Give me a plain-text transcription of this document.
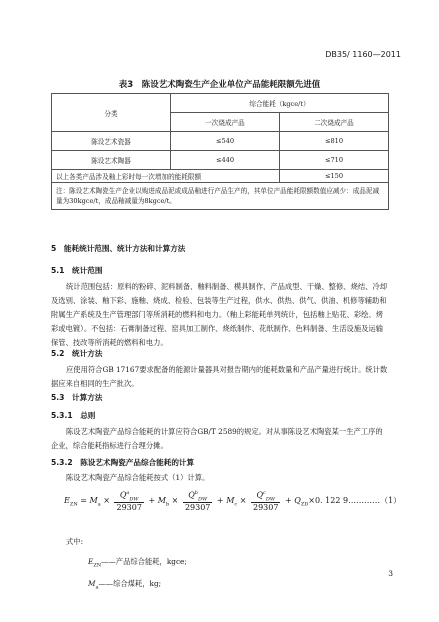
DB35/ 1160—2011
表3　陈设艺术陶瓷生产企业单位产品能耗限额先进值
分类	综合能耗（kgce/t）	
	一次烧成产品	二次烧成产品
陈设艺术瓷器	≤540	≤810
陈设艺术陶器	≤440	≤710
以上各类产品涉及釉上彩时每一次增加的能耗限额		≤150
注：陈设艺术陶瓷生产企业以购进成品泥或成品釉进行产品生产的，其单位产品能耗限额数值应减少：成品泥减量为30kgce/t，成品釉减量为8kgce/t。		
5　能耗统计范围、统计方法和计算方法
5.1　统计范围
统计范围包括：原料的粉碎、泥料制备、釉料制备、模具制作、产品成型、干燥、整修、烧结、冷却及选别、涂装、釉下彩、施釉、烧成、检验、包装等生产过程，供水、供热、供气、供油、机修等辅助和附属生产系统及生产管理部门等所消耗的燃料和电力。（釉上彩能耗单列统计，包括釉上贴花、彩绘、烤彩或电镀）。不包括：石膏制备过程、窑具加工制作、烧纸制作、花纸制作、色料制备、生活设施及运输保管、技改等所消耗的燃料和电力。
5.2　统计方法
应使用符合GB 17167要求配备的能源计量器具对报告期内的能耗数量和产品产量进行统计。统计数据应来自相同的生产批次。
5.3　计算方法
5.3.1　总则
陈设艺术陶瓷产品综合能耗的计算应符合GB/T 2589的规定。对从事陈设艺术陶瓷某一生产工序的企业，综合能耗指标进行合理分摊。
5.3.2　陈设艺术陶瓷产品综合能耗的计算
陈设艺术陶瓷产品综合能耗按式（1）计算。
$E_{ZN} = M_a \times \frac{Q^a_{DW}}{29307} + M_b \times \frac{Q^b_{DW}}{29307} + M_c \times \frac{Q^c_{DW}}{29307} + Q_{ZD}\times 0$. 122 9…………（1）
式中:
$E_{ZN}——$产品综合能耗，kgce;
$M_a——$综合煤耗，kg;
3
